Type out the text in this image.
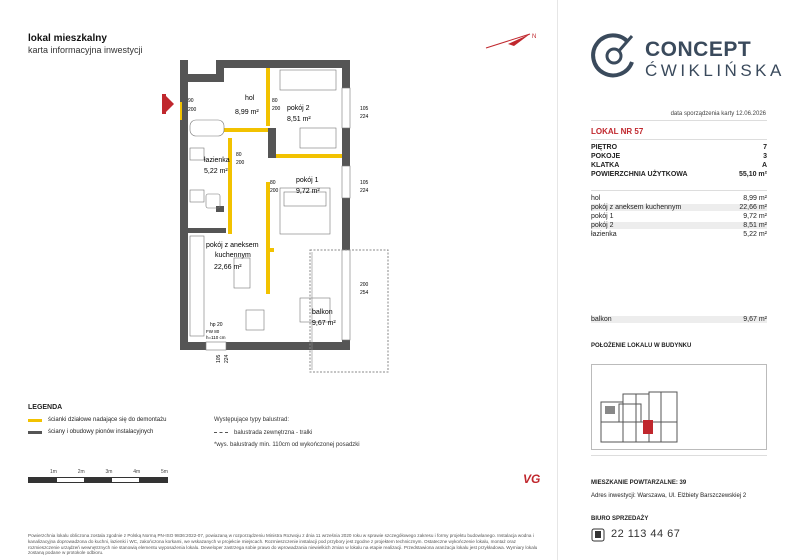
lokal mieszkalny
karta informacyjna inwestycji
N
CONCEPT
ĆWIKLIŃSKA
data sporządzenia karty 12.06.2026
LOKAL NR 57
PIĘTRO	7
POKOJE	3
KLATKA	A
POWIERZCHNIA UŻYTKOWA	55,10 m²
hol	8,99 m²
pokój z aneksem kuchennym	22,66 m²
pokój 1	9,72 m²
pokój 2	8,51 m²
łazienka	5,22 m²
balkon	9,67 m²
POŁOŻENIE LOKALU W BUDYNKU
MIESZKANIE POWTARZALNE: 39
Adres inwestycji: Warszawa, Ul. Elżbiety Barszczewskiej 2
BIURO SPRZEDAŻY
22 113 44 67
hol
8,99 m²
pokój 2
8,51 m²
łazienka
5,22 m²
pokój 1
9,72 m²
pokój z aneksem
kuchennym
22,66 m²
balkon
9,67 m²
90
200
80
200	105
224
80
200
80
200
105
224
200
254
hp 20
FW 80
h=110 cm
105 224
LEGENDA
ścianki działowe nadające się do demontażu
ściany i obudowy pionów instalacyjnych
Występujące typy balustrad:
balustrada zewnętrzna - tralki
*wys. balustrady min. 110cm od wykończonej posadzki
1m	2m	3m	4m	5m	VG
Powierzchnia lokalu obliczona zostala zgodnie z Polską Normą PN-ISO 9836:2022-07, powiazaną w rozporządzeniu Ministra Rozwoju z dnia 11 września 2020 roku w sprawie szczegółowego zakresu i formy projektu budowlanego. Instalacja wodna i kanalizacyjna doprowadzona do kuchni, łazienki i WC, zakończona korkami, we wskazanych w projekcie miejscach. Rozmieszczenie instalacji pod przybory jest zgodne z projektem technicznym. Ostateczne wykończenie lokalu, montaż oraz rozmieszczenie urządzeń wewnętrznych nie stanowią elementu wyposażenia lokalu. Deweloper zastrzega sobie prawo do wprowadzania niewielkich zmian w lokalu na etapie realizacji. Przedstawiona aranżacja lokalu jest przykładowa. Wymiary lokalu zostaną podane w protokole odbioru.
